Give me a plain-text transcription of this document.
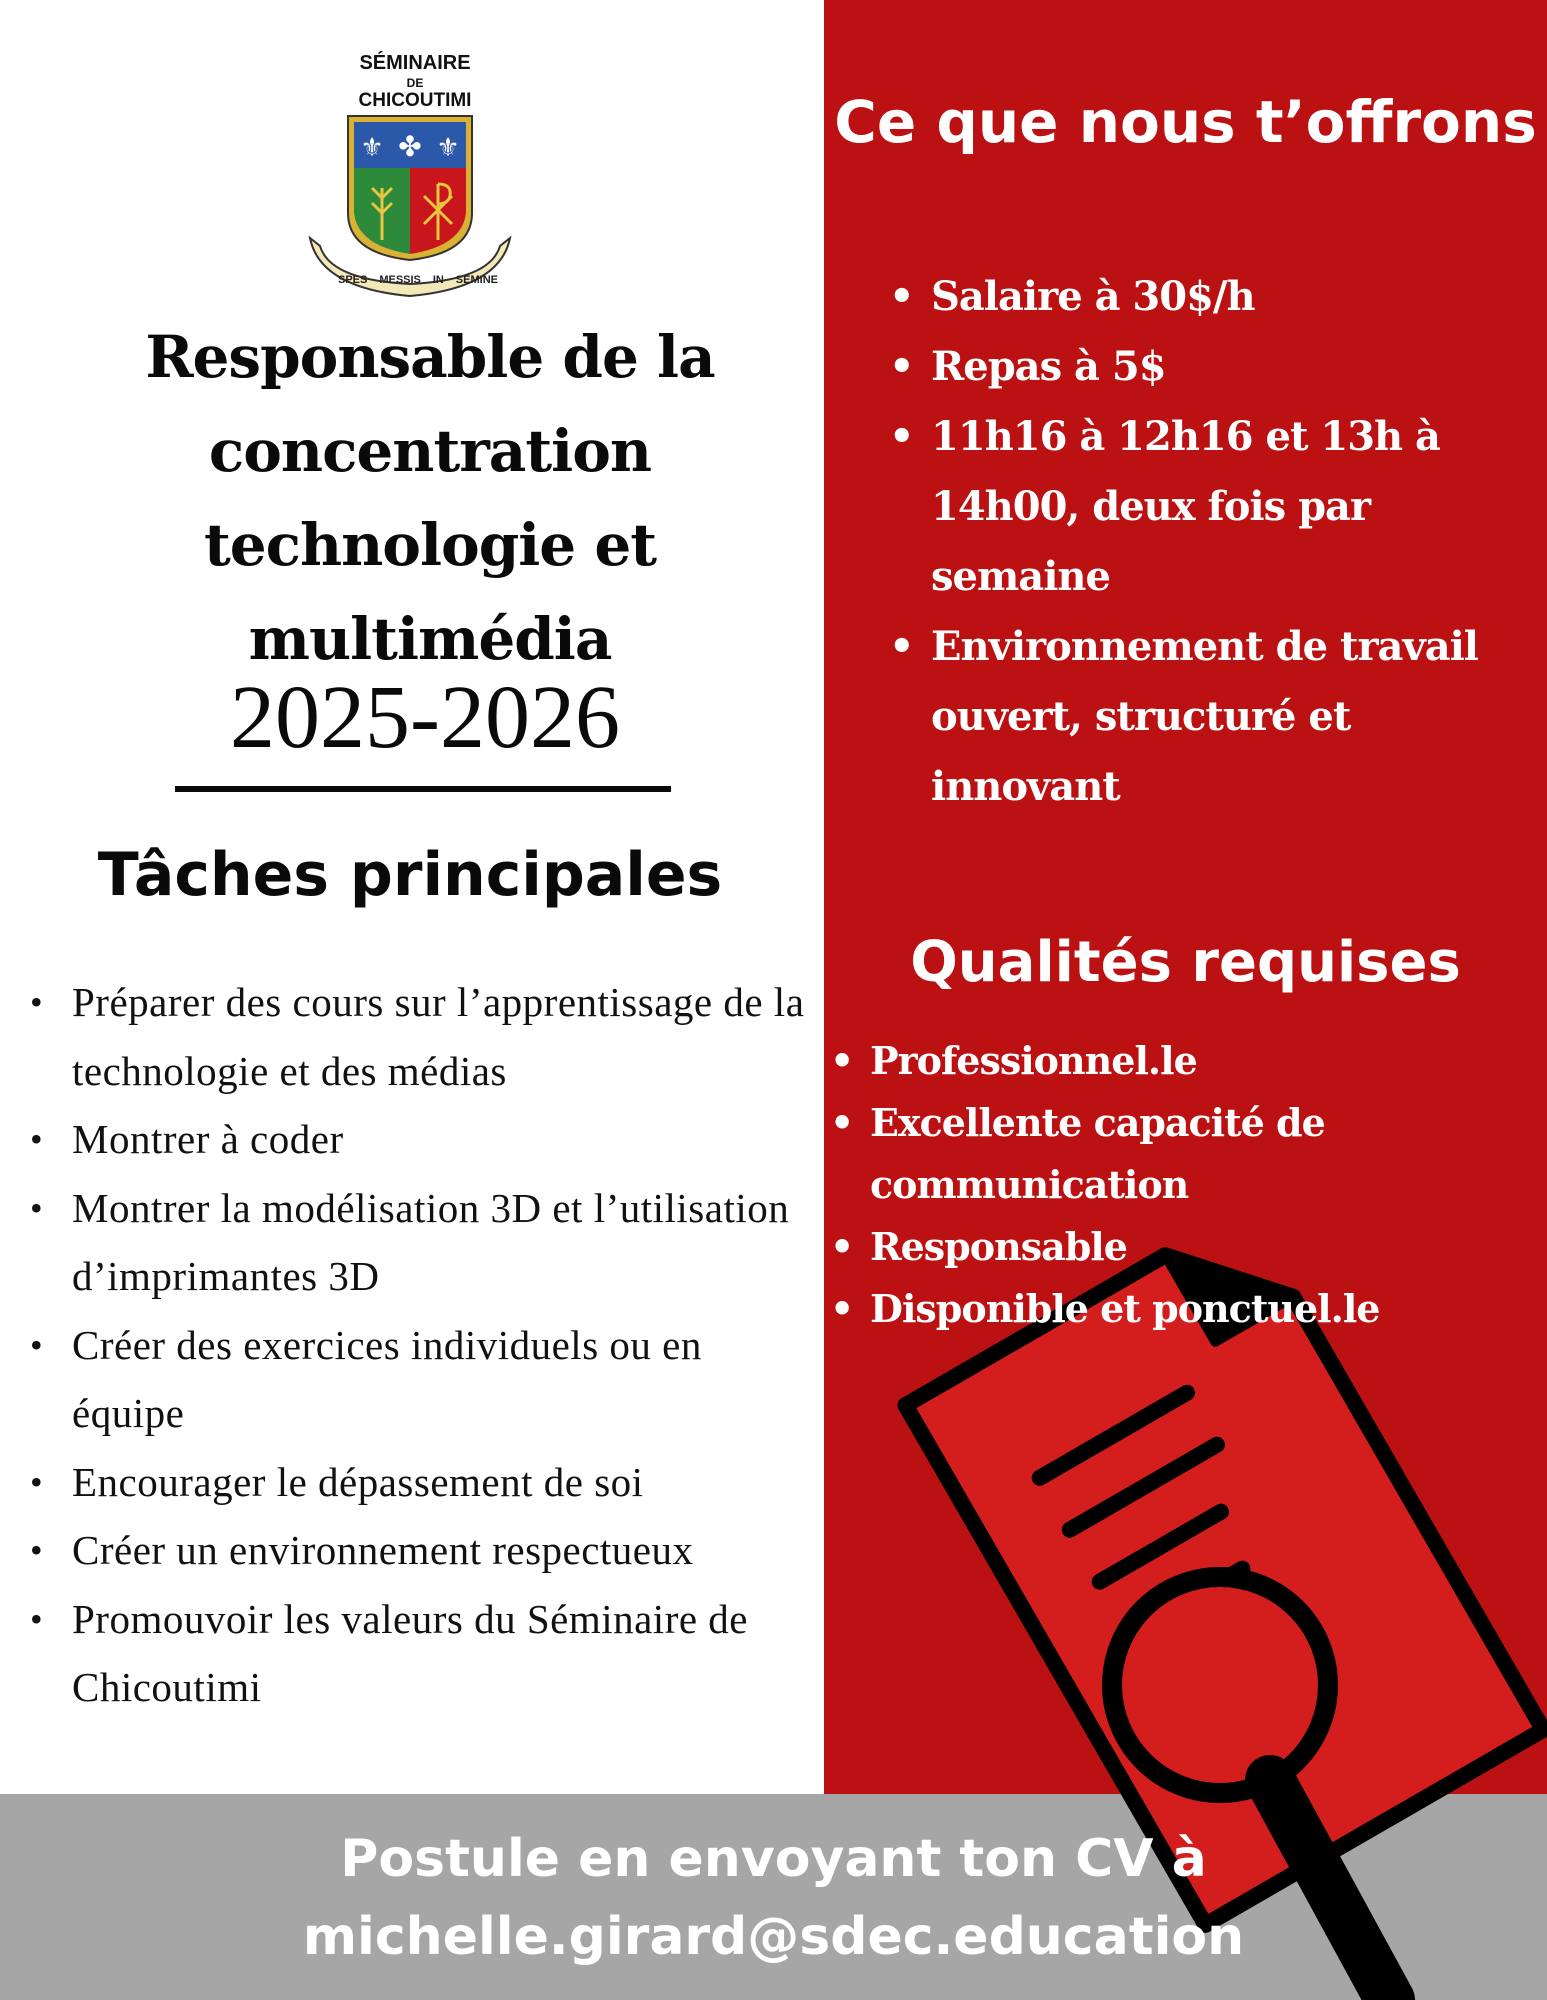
SÉMINAIRE
DE
CHICOUTIMI
⚜ ⚜
✤
SPES MESSIS IN SEMINE
Responsable de la concentration technologie et multimédia
2025-2026
Tâches principales
• Préparer des cours sur l’apprentissage de la technologie et des médias
• Montrer à coder
• Montrer la modélisation 3D et l’utilisation d’imprimantes 3D
• Créer des exercices individuels ou en équipe
• Encourager le dépassement de soi
• Créer un environnement respectueux
• Promouvoir les valeurs du Séminaire de Chicoutimi
Ce que nous t’offrons
• Salaire à 30$/h
• Repas à 5$
• 11h16 à 12h16 et 13h à 14h00, deux fois par semaine
• Environnement de travail ouvert, structuré et innovant
Qualités requises
• Professionnel.le
• Excellente capacité de communication
• Responsable
• Disponible et ponctuel.le
Postule en envoyant ton CV à
michelle.girard@sdec.education
